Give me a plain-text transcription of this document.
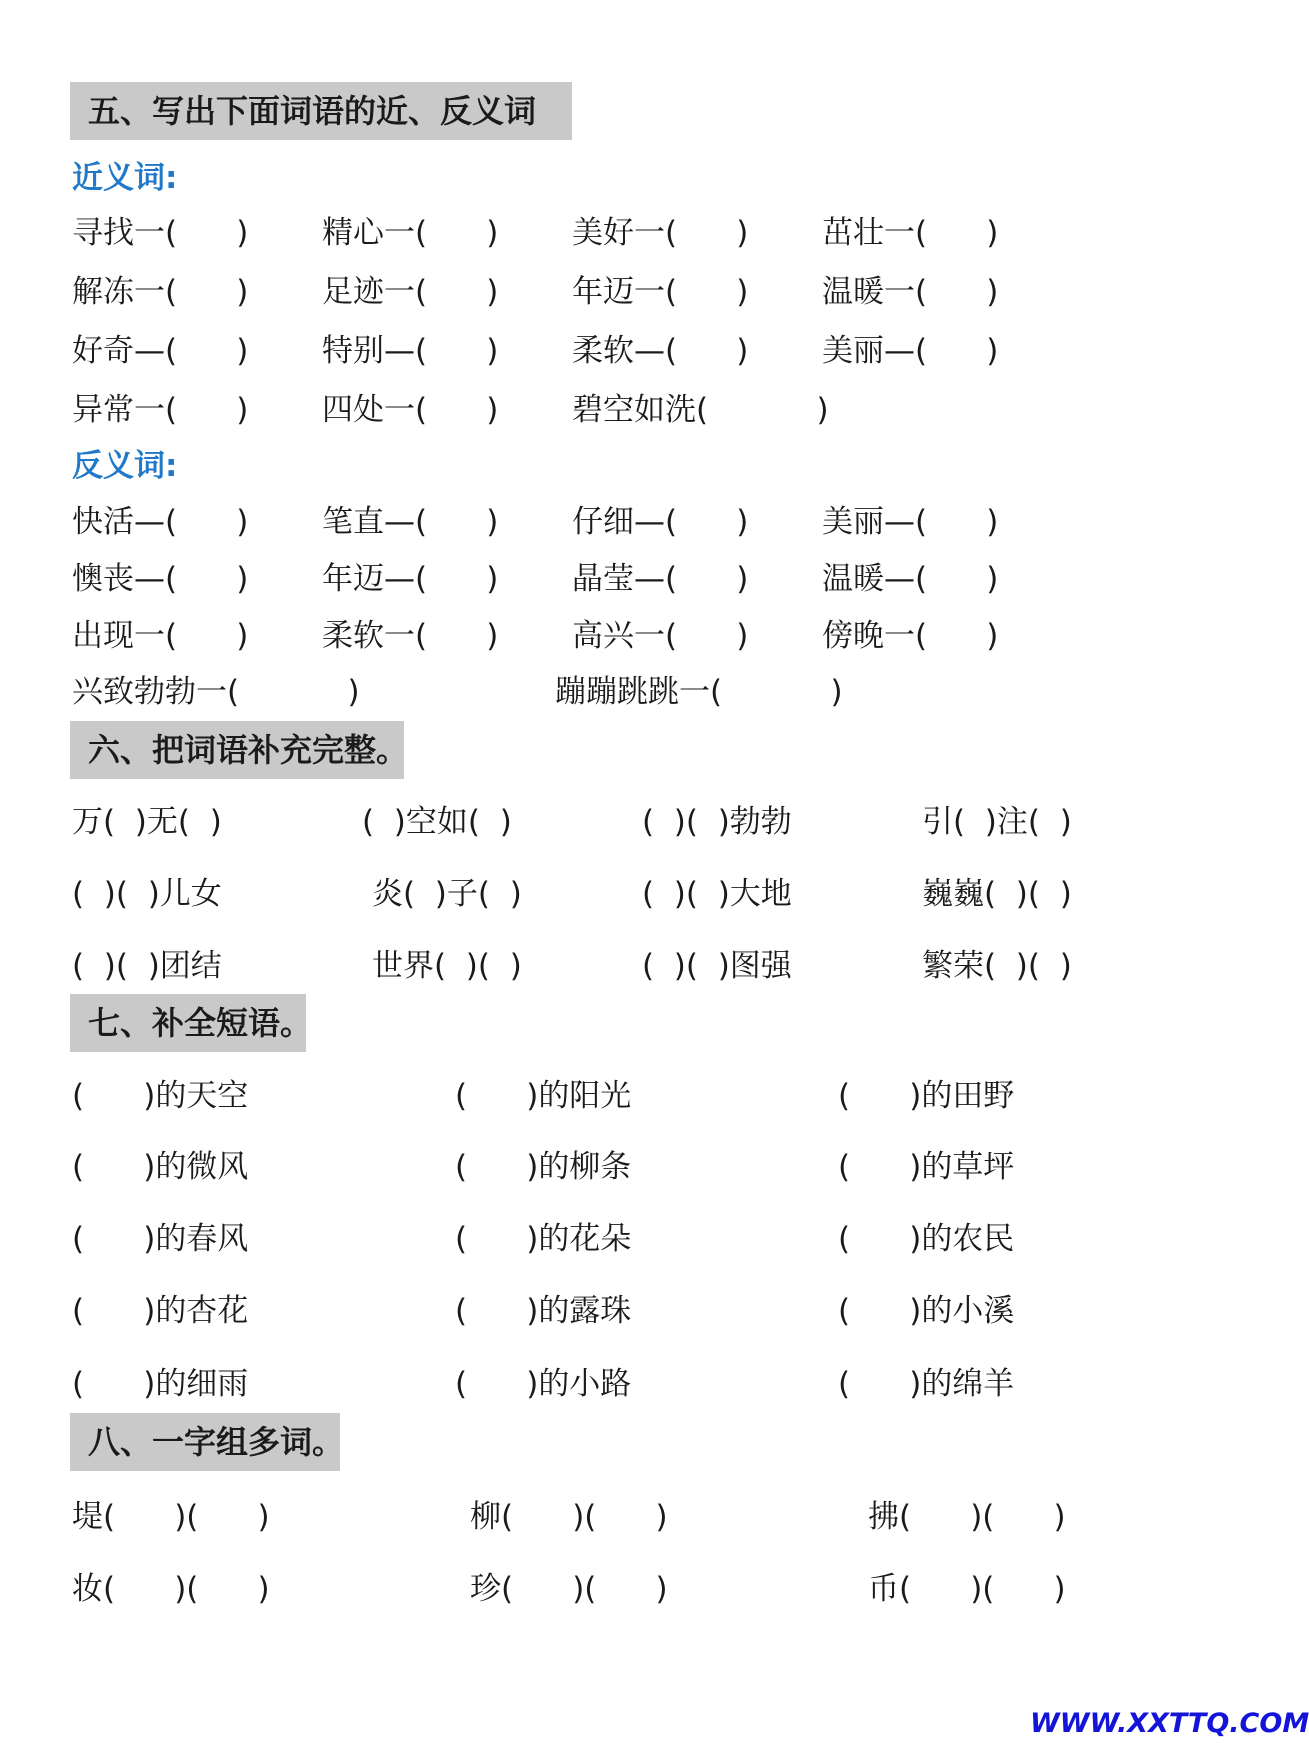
五、写出下面词语的近、反义词
近义词:
寻找一(      ) 精心一(      ) 美好一(      ) 茁壮一(      )
解冻一(      ) 足迹一(      ) 年迈一(      ) 温暖一(      )
好奇—(      ) 特别—(      ) 柔软—(      ) 美丽—(      )
异常一(      ) 四处一(      ) 碧空如洗(           )
反义词:
快活—(      ) 笔直—(      ) 仔细—(      ) 美丽—(      )
懊丧—(      ) 年迈—(      ) 晶莹—(      ) 温暖—(      )
出现一(      ) 柔软一(      ) 高兴一(      ) 傍晚一(      )
兴致勃勃一(           )	蹦蹦跳跳一(           )
六、把词语补充完整。
万(  )无(  )	(  )空如(  )	(  )(  )勃勃	引(  )注(  )
(  )(  )儿女	炎(  )子(  )	(  )(  )大地	巍巍(  )(  )
(  )(  )团结	世界(  )(  )	(  )(  )图强	繁荣(  )(  )
七、补全短语。
(      )的天空	(      )的阳光	(      )的田野
(      )的微风	(      )的柳条	(      )的草坪
(      )的春风	(      )的花朵	(      )的农民
(      )的杏花	(      )的露珠	(      )的小溪
(      )的细雨	(      )的小路	(      )的绵羊
八、一字组多词。
堤(      )(      )	柳(      )(      )	拂(      )(      )
妆(      )(      )	珍(      )(      )	币(      )(      )
WWW.XXTTQ.COM
